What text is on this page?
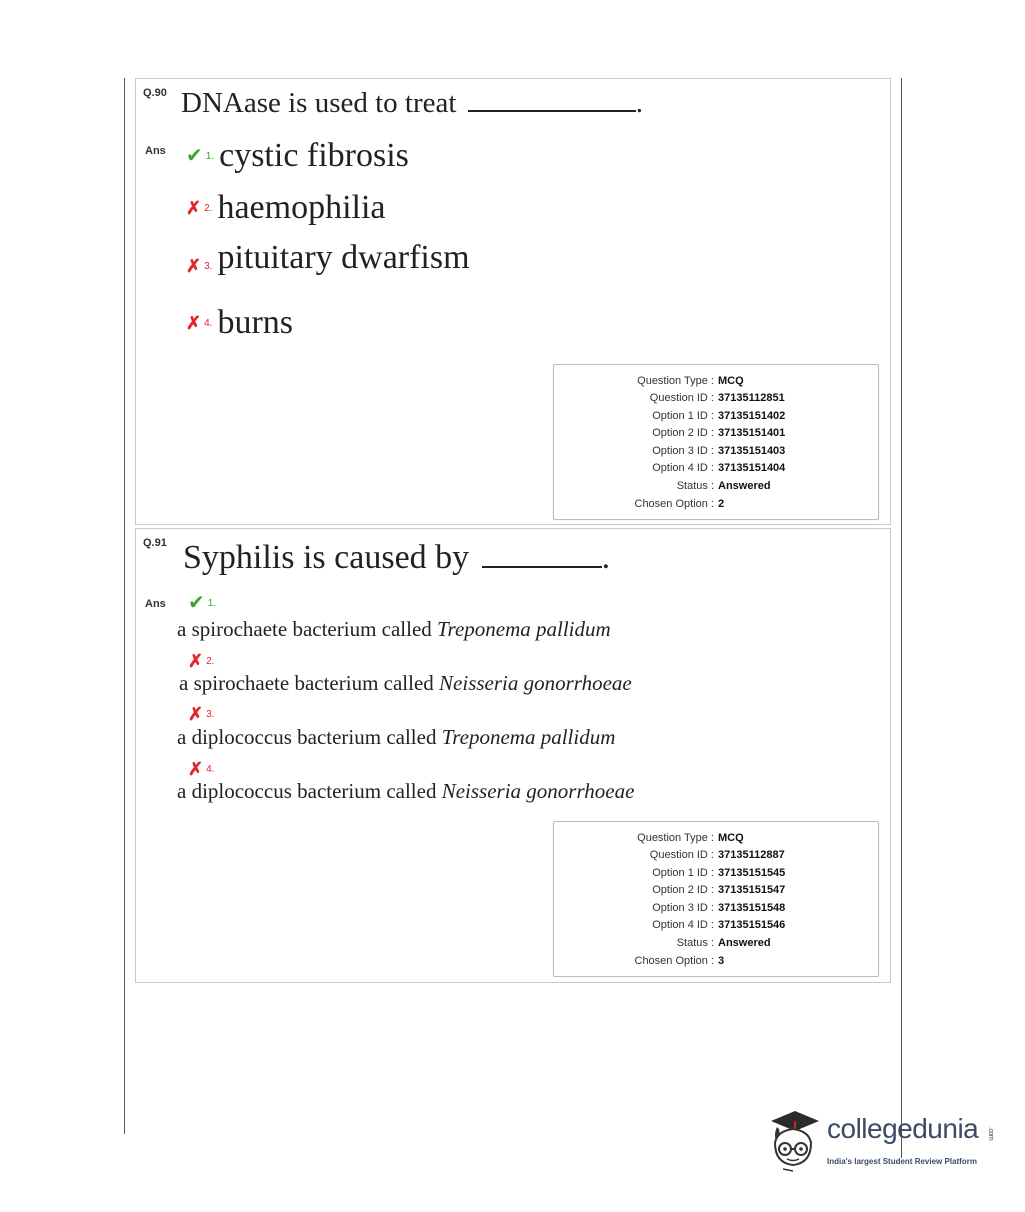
Q.90 DNAase is used to treat	.
Ans ✔ 1. cystic fibrosis
✗ 2. haemophilia
✗ 3. pituitary dwarfism
✗ 4. burns
Question Type : MCQ
Question ID : 37135112851
Option 1 ID : 37135151402
Option 2 ID : 37135151401
Option 3 ID : 37135151403
Option 4 ID : 37135151404
Status : Answered
Chosen Option : 2
Q.91 Syphilis is caused by	.
Ans ✔ 1.
a spirochaete bacterium called
Treponema pallidum
✗ 2.
a spirochaete bacterium called
Neisseria gonorrhoeae
✗ 3.
a diplococcus bacterium called
Treponema pallidum
✗ 4.
a diplococcus bacterium called
Neisseria gonorrhoeae
Question Type : MCQ
Question ID : 37135112887
Option 1 ID : 37135151545
Option 2 ID : 37135151547
Option 3 ID : 37135151548
Option 4 ID : 37135151546
Status : Answered
Chosen Option : 3
collegedunia .com
India's largest Student Review Platform
